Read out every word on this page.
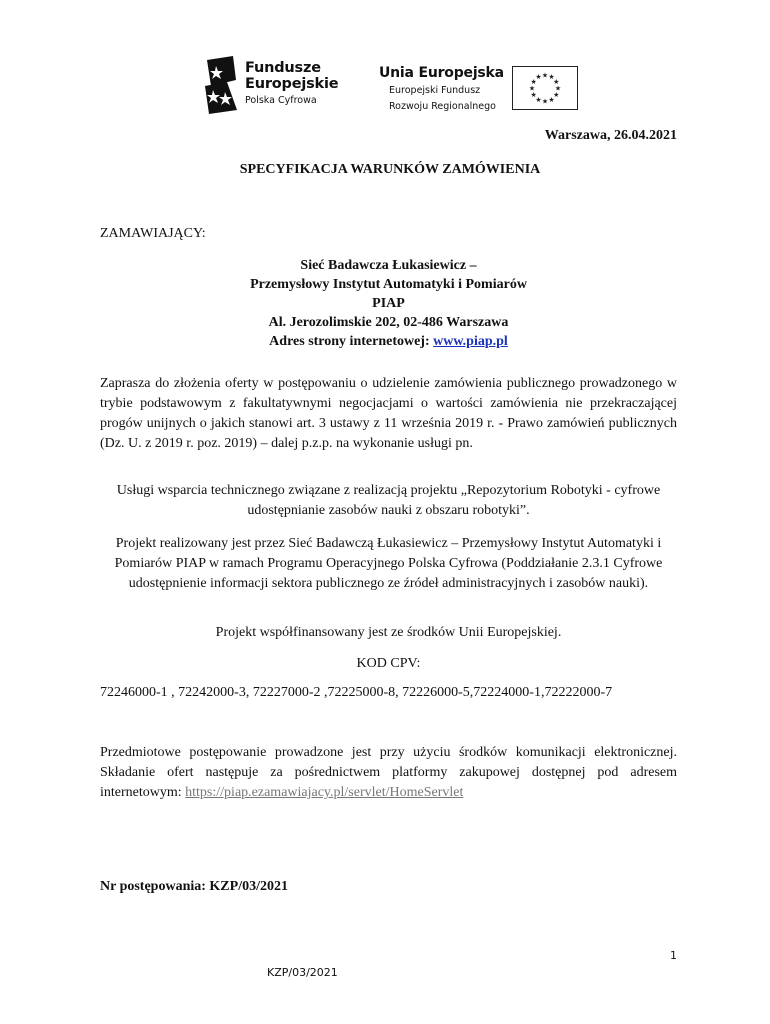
Fundusze
Europejskie
Polska Cyfrowa
Unia Europejska
Europejski Fundusz
Rozwoju Regionalnego
★ ★
★
★
★
★
★
★
★
★
★
★
Warszawa, 26.04.2021
SPECYFIKACJA WARUNKÓW ZAMÓWIENIA
ZAMAWIAJĄCY:
Sieć Badawcza Łukasiewicz –
Przemysłowy Instytut Automatyki i Pomiarów
PIAP
Al. Jerozolimskie 202, 02-486 Warszawa
Adres strony internetowej: www.piap.pl
Zaprasza do złożenia oferty w postępowaniu o udzielenie zamówienia publicznego prowadzonego w trybie podstawowym z fakultatywnymi negocjacjami o wartości zamówienia nie przekraczającej progów unijnych o jakich stanowi art. 3 ustawy z 11 września 2019 r. - Prawo zamówień publicznych (Dz. U. z 2019 r. poz. 2019) – dalej p.z.p. na wykonanie usługi pn.
Usługi wsparcia technicznego związane z realizacją projektu „Repozytorium Robotyki - cyfrowe udostępnianie zasobów nauki z obszaru robotyki”.
Projekt realizowany jest przez Sieć Badawczą Łukasiewicz – Przemysłowy Instytut Automatyki i Pomiarów PIAP w ramach Programu Operacyjnego Polska Cyfrowa (Poddziałanie 2.3.1 Cyfrowe udostępnienie informacji sektora publicznego ze źródeł administracyjnych i zasobów nauki).
Projekt współfinansowany jest ze środków Unii Europejskiej.
KOD CPV:
72246000-1 , 72242000-3, 72227000-2 ,72225000-8, 72226000-5,72224000-1,72222000-7
Przedmiotowe postępowanie prowadzone jest przy użyciu środków komunikacji elektronicznej. Składanie ofert następuje za pośrednictwem platformy zakupowej dostępnej pod adresem internetowym: https://piap.ezamawiajacy.pl/servlet/HomeServlet
Nr postępowania: KZP/03/2021
1
KZP/03/2021
